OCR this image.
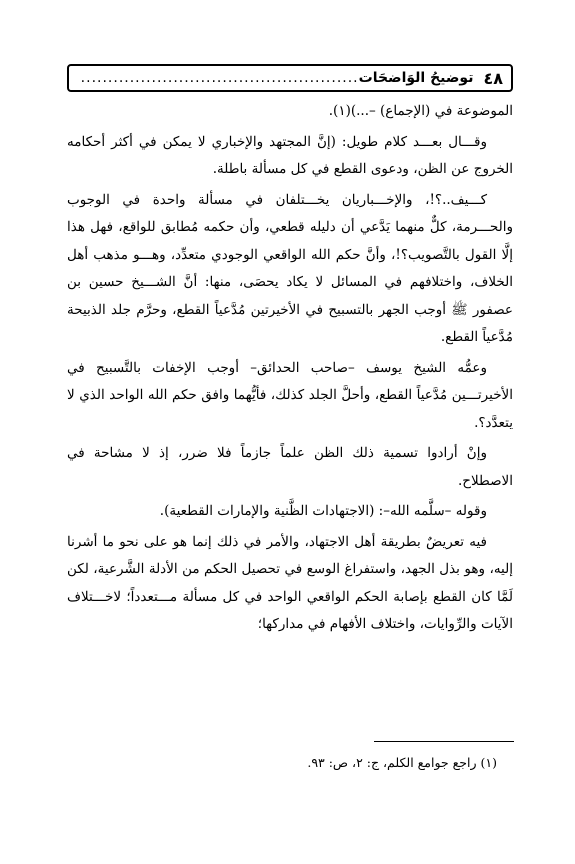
٤٨
توضيحُ الوَاضحَات
...................................................

الموضوعة في (الإجماع) –...)(١).

وقـــال بعـــد كلام طويل: (إنَّ المجتهد والإخباري لا يمكن في أكثر أحكامه الخروج عن الظن، ودعوى القطع في كل مسألة باطلة.

كـــيف..؟!، والإخـــباريان يخـــتلفان في مسألة واحدة في الوجوب والحـــرمة، كلٌّ منهما يَدَّعي أن دليله قطعي، وأن حكمه مُطابق للواقع، فهل هذا إلَّا القول بالتَّصويب؟!، وأنَّ حكم الله الواقعي الوجودي متعدِّد، وهـــو مذهب أهل الخلاف، واختلافهم في المسائل لا يكاد يحصَى، منها: أنَّ الشـــيخ حسين بن عصفور ﷺ أوجب الجهر بالتسبيح في الأخيرتين مُدَّعياً القطع، وحرَّم جلد الذبيحة مُدَّعياً القطع.

وعمُّه الشيخ يوسف –صاحب الحدائق– أوجب الإخفات بالتَّسبيح في الأخيرتـــين مُدَّعياً القطع، وأحلَّ الجلد كذلك، فأيُّهما وافق حكم الله الواحد الذي لا يتعدَّد؟.

وإنْ أرادوا تسمية ذلك الظن علماً جازماً فلا ضرر، إذ لا مشاحة في الاصطلاح.

وقوله –سلَّمه الله–: (الاجتهادات الظَّنية والإمارات القطعية).

فيه تعريضٌ بطريقة أهل الاجتهاد، والأمر في ذلك إنما هو على نحو ما أشرنا إليه، وهو بذل الجهد، واستفراغ الوسع في تحصيل الحكم من الأدلة الشَّرعية، لكن لَمَّا كان القطع بإصابة الحكم الواقعي الواحد في كل مسألة مـــتعدداً؛ لاخـــتلاف الآيات والرِّوايات، واختلاف الأفهام في مداركها؛

(١) راجع جوامع الكلم، ج: ٢، ص: ٩٣.
